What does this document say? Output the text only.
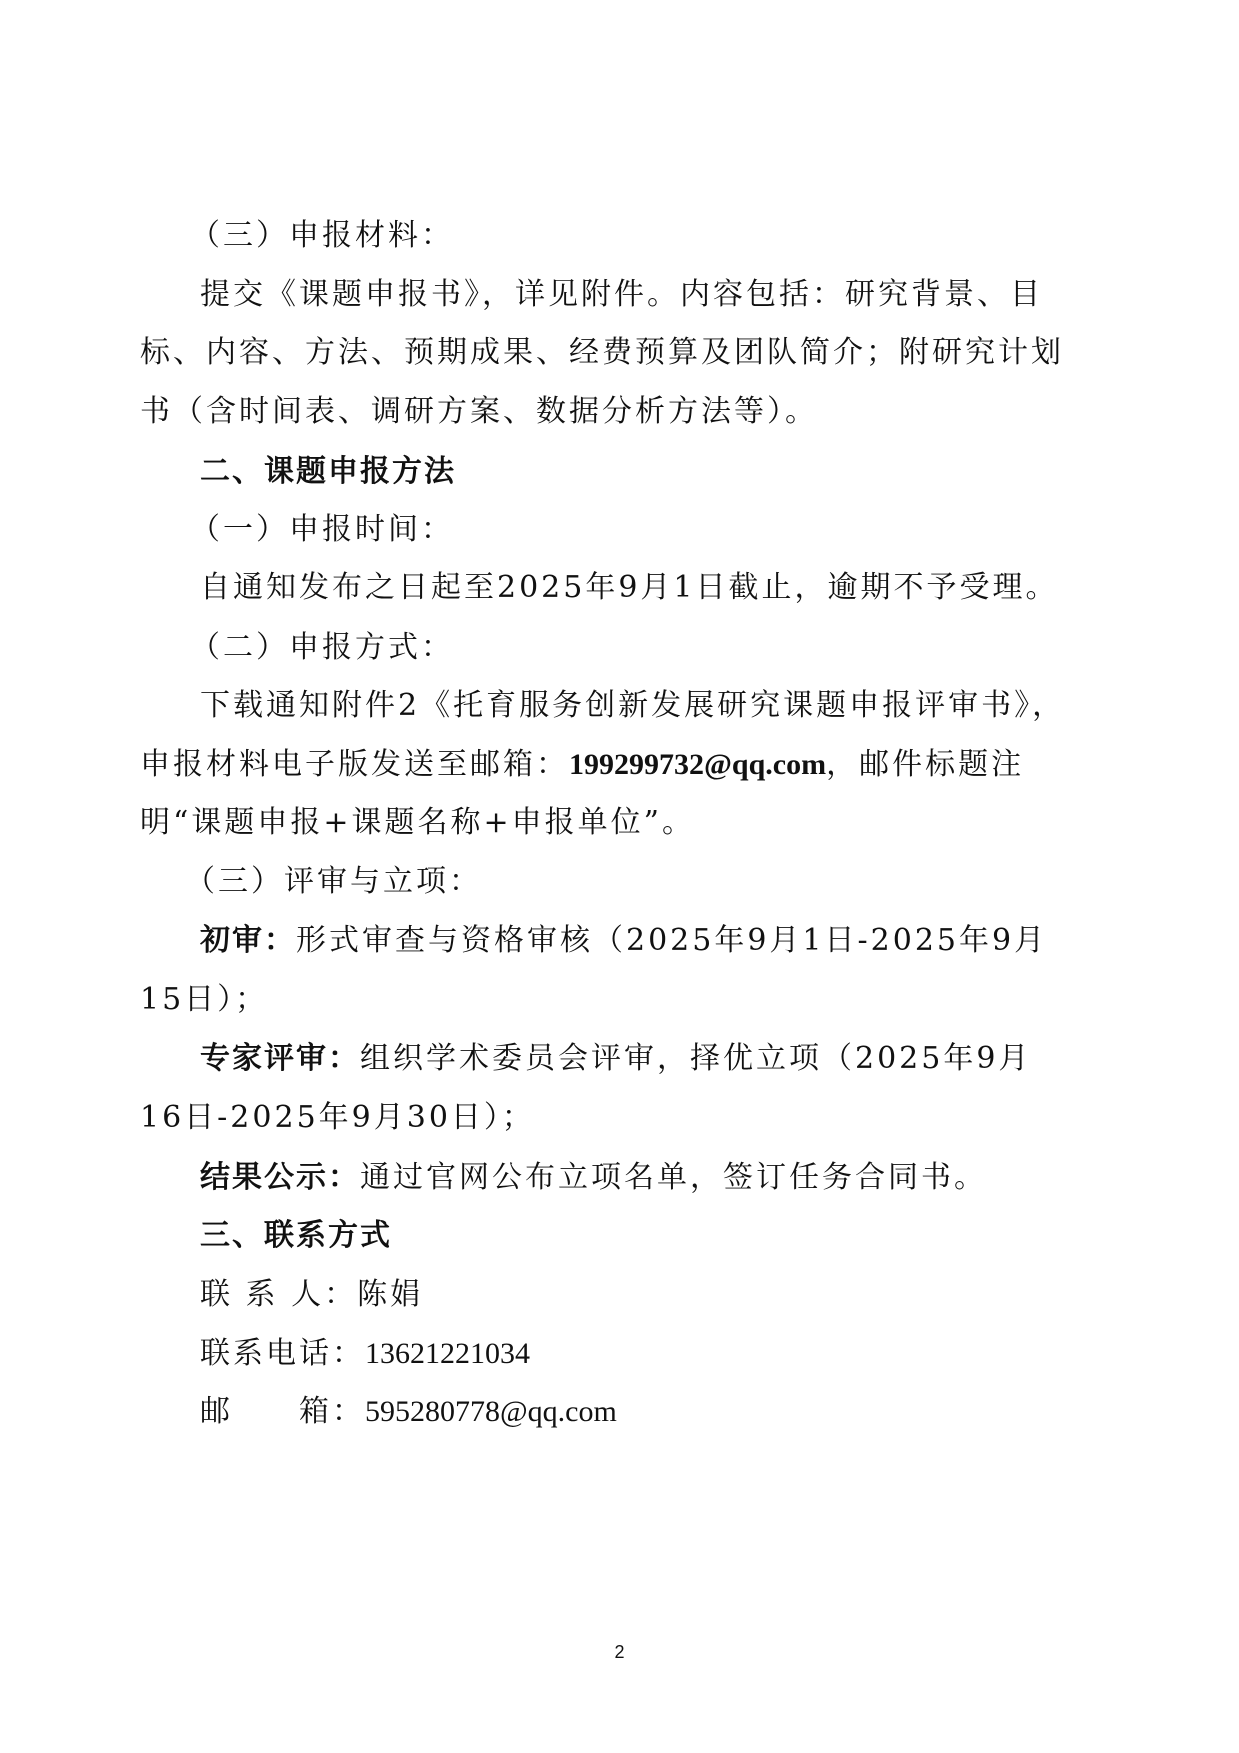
（三）申报材料：
提交《课题申报书》，详见附件。内容包括：研究背景、目
标、内容、方法、预期成果、经费预算及团队简介；附研究计划
书（含时间表、调研方案、数据分析方法等）。
二、课题申报方法
（一）申报时间：
自通知发布之日起至2025年9月1日截止，逾期不予受理。
（二）申报方式：
下载通知附件2《托育服务创新发展研究课题申报评审书》，
申报材料电子版发送至邮箱：199299732@qq.com，邮件标题注
明“课题申报+课题名称+申报单位”。
（三）评审与立项：
初审：形式审查与资格审核（2025年9月1日-2025年9月
15日）；
专家评审：组织学术委员会评审，择优立项（2025年9月
16日-2025年9月30日）；
结果公示：通过官网公布立项名单，签订任务合同书。
三、联系方式
联 系 人：陈娟
联系电话：13621221034
邮　　箱：595280778@qq.com
2
